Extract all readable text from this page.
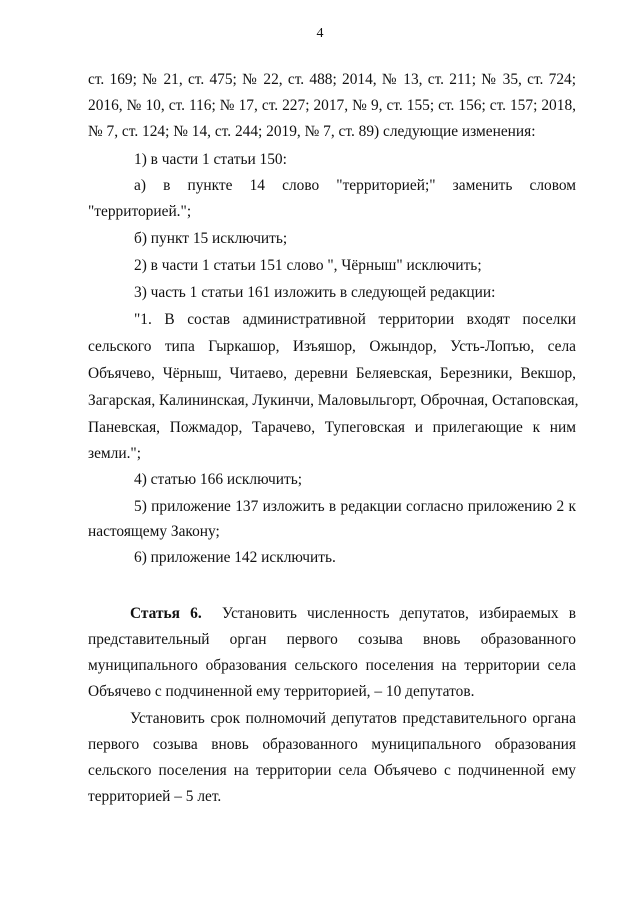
4
ст. 169; № 21, ст. 475; № 22, ст. 488; 2014, № 13, ст. 211; № 35, ст. 724;
2016, № 10, ст. 116; № 17, ст. 227; 2017, № 9, ст. 155; ст. 156; ст. 157; 2018,
№ 7, ст. 124; № 14, ст. 244; 2019, № 7, ст. 89) следующие изменения:
1) в части 1 статьи 150:
а) в пункте 14 слово "территорией;" заменить словом
"территорией.";
б) пункт 15 исключить;
2) в части 1 статьи 151 слово ", Чёрныш" исключить;
3) часть 1 статьи 161 изложить в следующей редакции:
"1. В состав административной территории входят поселки
сельского типа Гыркашор, Изъяшор, Ожындор, Усть-Лопъю, села
Объячево, Чёрныш, Читаево, деревни Беляевская, Березники, Векшор,
Загарская, Калининская, Лукинчи, Маловыльгорт, Оброчная, Остаповская,
Паневская, Пожмадор, Тарачево, Тупеговская и прилегающие к ним
земли.";
4) статью 166 исключить;
5) приложение 137 изложить в редакции согласно приложению 2 к
настоящему Закону;
6) приложение 142 исключить.
Статья 6. Установить численность депутатов, избираемых в
представительный орган первого созыва вновь образованного
муниципального образования сельского поселения на территории села
Объячево с подчиненной ему территорией, – 10 депутатов.
Установить срок полномочий депутатов представительного органа
первого созыва вновь образованного муниципального образования
сельского поселения на территории села Объячево с подчиненной ему
территорией – 5 лет.
